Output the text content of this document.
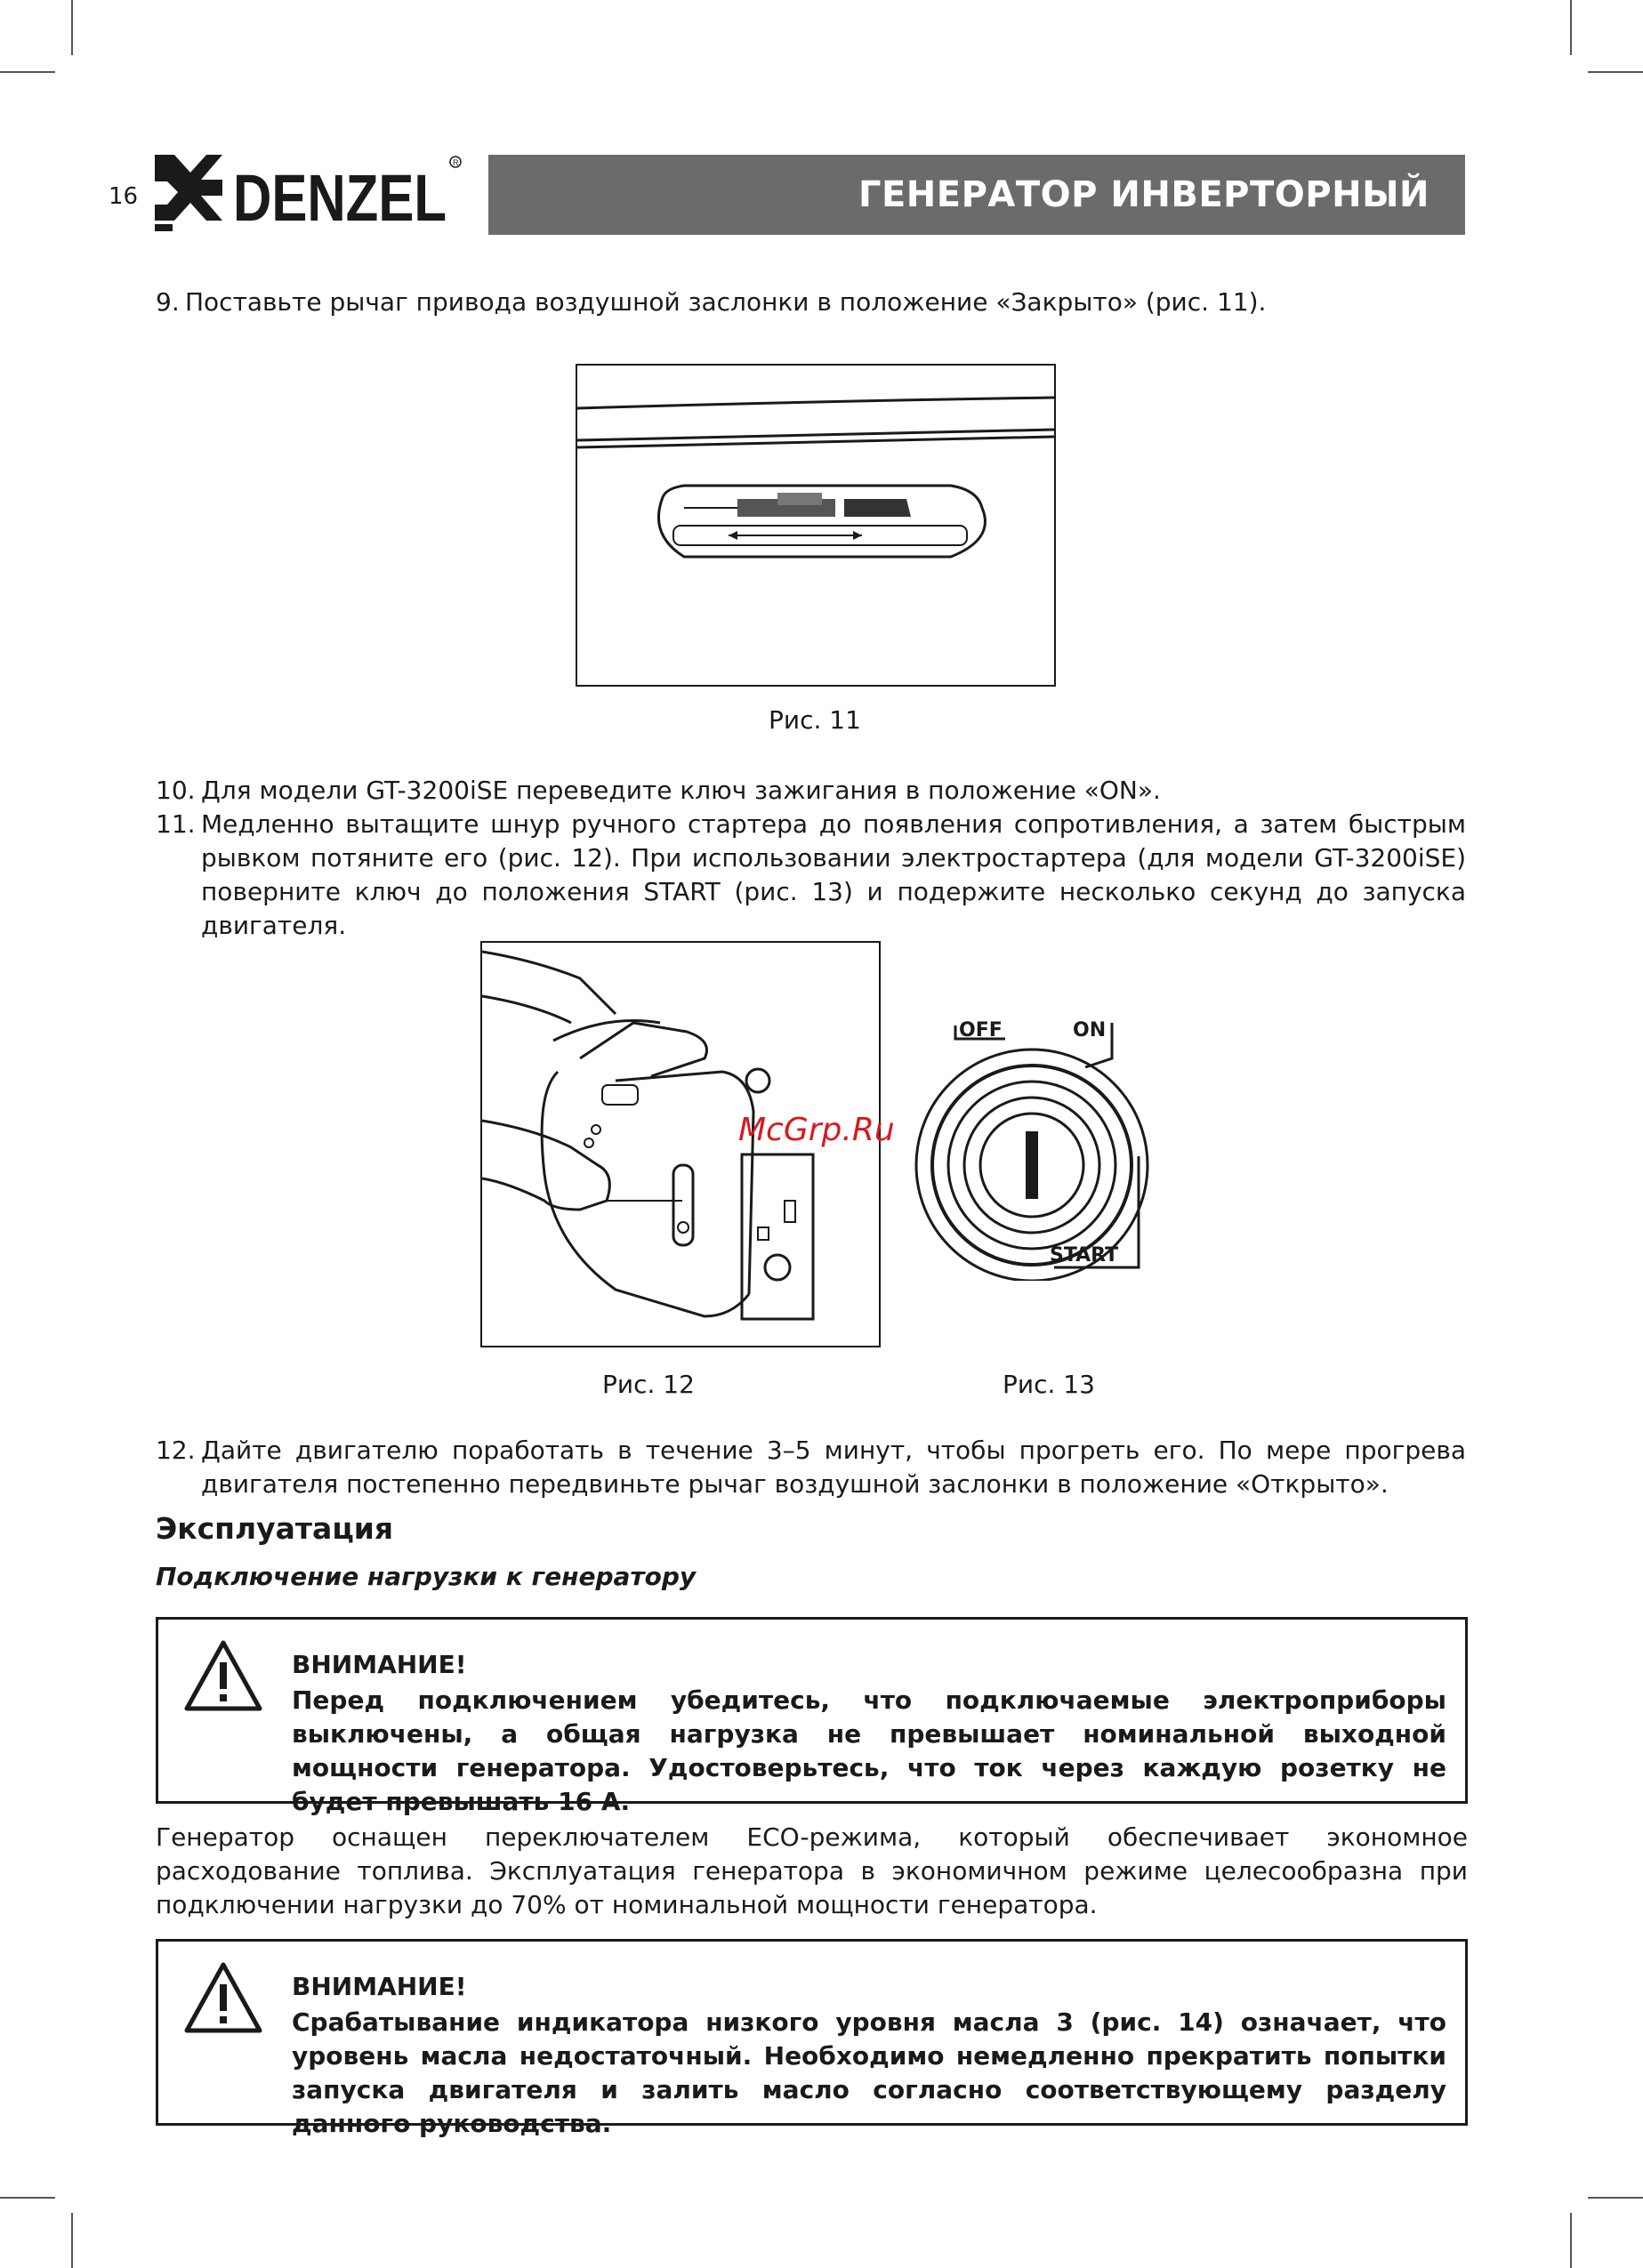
16 DENZEL R
ГЕНЕРАТОР ИНВЕРТОРНЫЙ
9. Поставьте рычаг привода воздушной заслонки в положение «Закрыто» (рис. 11).
Рис. 11
10. Для модели GT-3200iSE переведите ключ зажигания в положение «ON».
11. Медленно вытащите шнур ручного стартера до появления сопротивления, а затем быстрым рывком потяните его (рис. 12). При использовании электростартера (для модели GT-3200iSE) поверните ключ до положения START (рис. 13) и подержите несколько секунд до запуска двигателя.
Рис. 12
OFF	ON
START
Рис. 13
McGrp.Ru
12. Дайте двигателю поработать в течение 3–5 минут, чтобы прогреть его. По мере прогрева двигателя постепенно передвиньте рычаг воздушной заслонки в положение «Открыто».
Эксплуатация
Подключение нагрузки к генератору
ВНИМАНИЕ!
Перед подключением убедитесь, что подключаемые электроприборы выключены, а общая нагрузка не превышает номинальной выходной мощности генератора. Удостоверьтесь, что ток через каждую розетку не будет превышать 16 А.
Генератор оснащен переключателем ECO-режима, который обеспечивает экономное расходование топлива. Эксплуатация генератора в экономичном режиме целесообразна при подключении нагрузки до 70% от номинальной мощности генератора.
ВНИМАНИЕ!
Срабатывание индикатора низкого уровня масла 3 (рис. 14) означает, что уровень масла недостаточный. Необходимо немедленно прекратить попытки запуска двигателя и залить масло согласно соответствующему разделу данного руководства.
